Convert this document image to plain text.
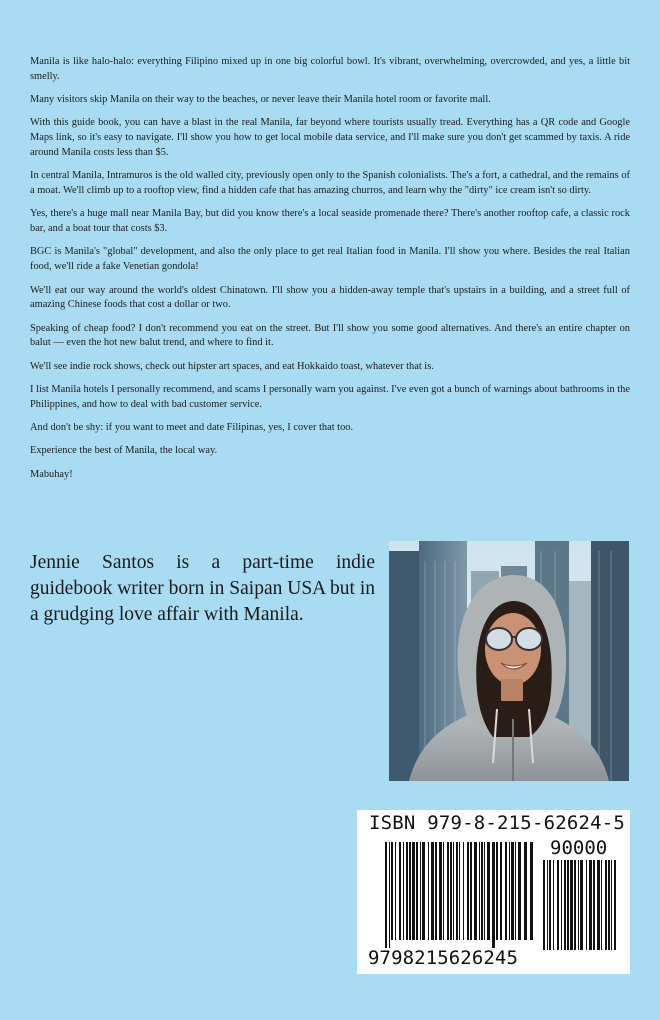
Manila is like halo-halo: everything Filipino mixed up in one big colorful bowl. It's vibrant, overwhelming, overcrowded, and yes, a little bit smelly.

Many visitors skip Manila on their way to the beaches, or never leave their Manila hotel room or favorite mall.

With this guide book, you can have a blast in the real Manila, far beyond where tourists usually tread. Everything has a QR code and Google Maps link, so it's easy to navigate. I'll show you how to get local mobile data service, and I'll make sure you don't get scammed by taxis. A ride around Manila costs less than $5.

In central Manila, Intramuros is the old walled city, previously open only to the Spanish colonialists. The's a fort, a cathedral, and the remains of a moat. We'll climb up to a rooftop view, find a hidden cafe that has amazing churros, and learn why the "dirty" ice cream isn't so dirty.

Yes, there's a huge mall near Manila Bay, but did you know there's a local seaside promenade there? There's another rooftop cafe, a classic rock bar, and a boat tour that costs $3.

BGC is Manila's "global" development, and also the only place to get real Italian food in Manila. I'll show you where. Besides the real Italian food, we'll ride a fake Venetian gondola!

We'll eat our way around the world's oldest Chinatown. I'll show you a hidden-away temple that's upstairs in a building, and a street full of amazing Chinese foods that cost a dollar or two.

Speaking of cheap food? I don't recommend you eat on the street. But I'll show you some good alternatives. And there's an entire chapter on balut — even the hot new balut trend, and where to find it.

We'll see indie rock shows, check out hipster art spaces, and eat Hokkaido toast, whatever that is.

I list Manila hotels I personally recommend, and scams I personally warn you against. I've even got a bunch of warnings about bathrooms in the Philippines, and how to deal with bad customer service.

And don't be shy: if you want to meet and date Filipinas, yes, I cover that too.

Experience the best of Manila, the local way.

Mabuhay!

Jennie Santos is a part-time indie guidebook writer born in Saipan USA but in a grudging love affair with Manila.
ISBN 979-8-215-62624-5
90000
9798215626245
